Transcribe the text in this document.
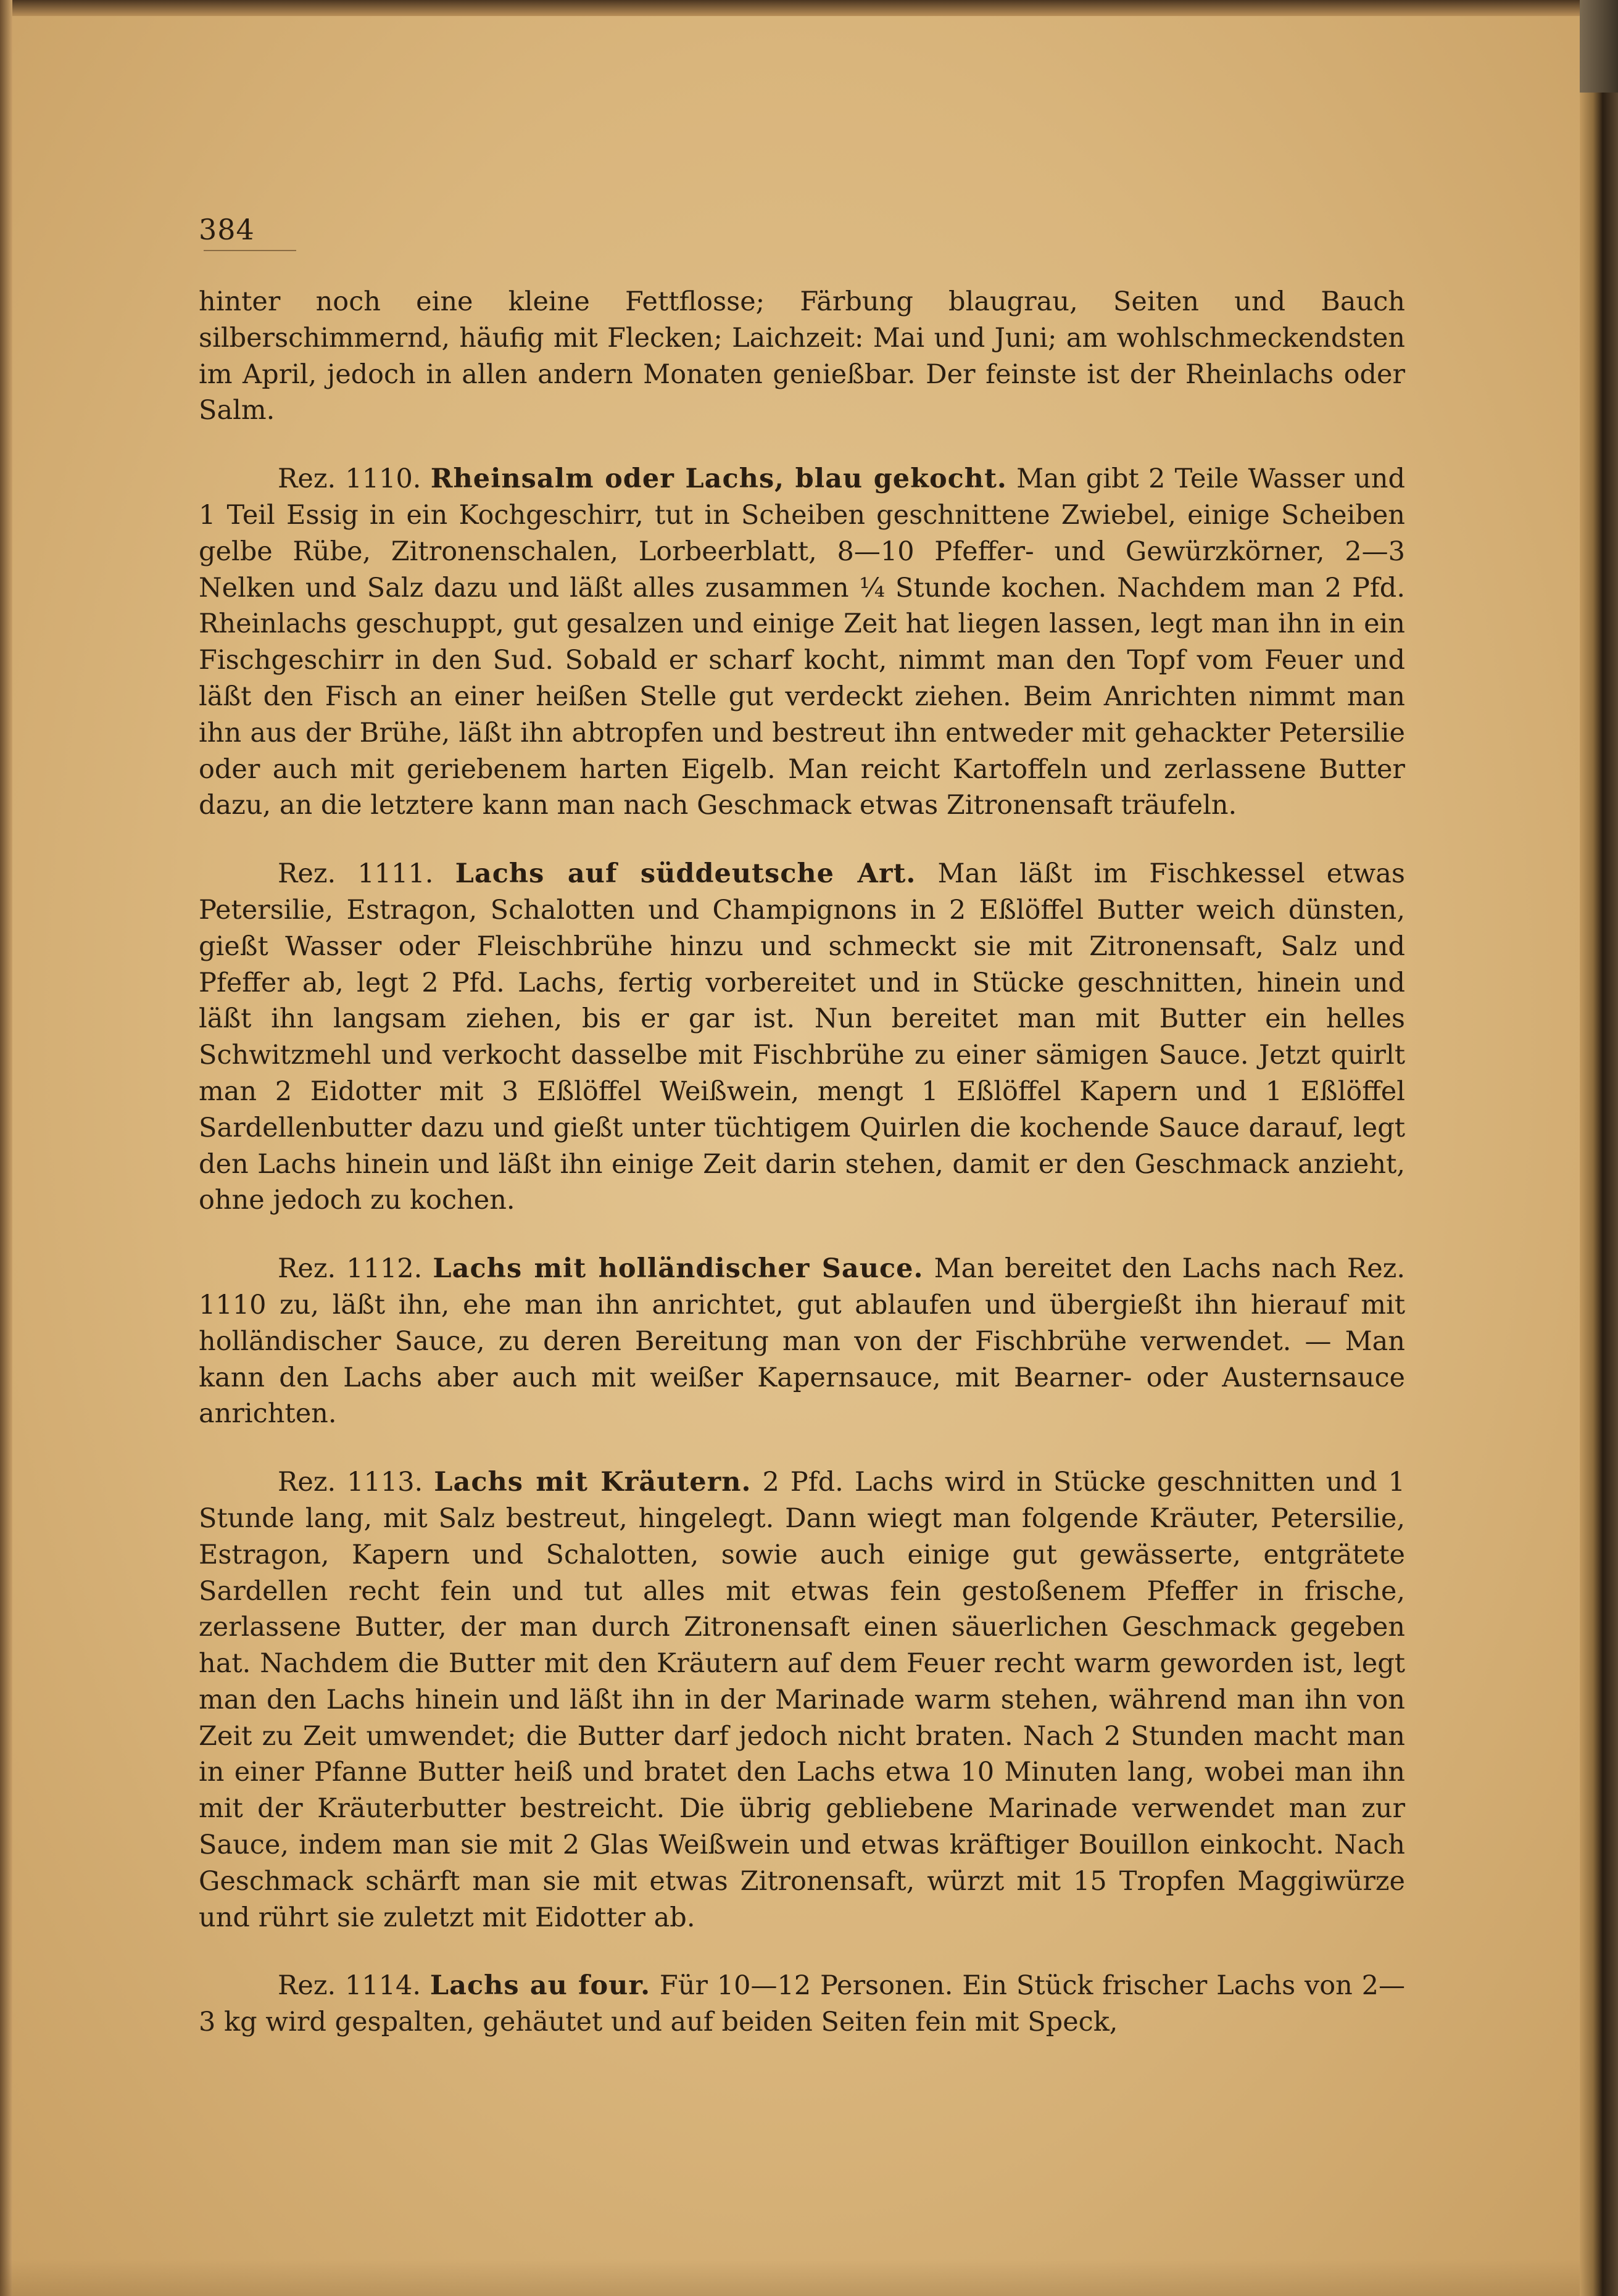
384

hinter noch eine kleine Fettflosse; Färbung blaugrau, Seiten und Bauch silberschimmernd, häufig mit Flecken; Laichzeit: Mai und Juni; am wohlschmeckendsten im April, jedoch in allen andern Monaten genießbar. Der feinste ist der Rheinlachs oder Salm.

Rez. 1110. Rheinsalm oder Lachs, blau gekocht. Man gibt 2 Teile Wasser und 1 Teil Essig in ein Kochgeschirr, tut in Scheiben geschnittene Zwiebel, einige Scheiben gelbe Rübe, Zitronenschalen, Lorbeerblatt, 8—10 Pfeffer- und Gewürzkörner, 2—3 Nelken und Salz dazu und läßt alles zusammen ¼ Stunde kochen. Nachdem man 2 Pfd. Rheinlachs geschuppt, gut gesalzen und einige Zeit hat liegen lassen, legt man ihn in ein Fischgeschirr in den Sud. Sobald er scharf kocht, nimmt man den Topf vom Feuer und läßt den Fisch an einer heißen Stelle gut verdeckt ziehen. Beim Anrichten nimmt man ihn aus der Brühe, läßt ihn abtropfen und bestreut ihn entweder mit gehackter Petersilie oder auch mit geriebenem harten Eigelb. Man reicht Kartoffeln und zerlassene Butter dazu, an die letztere kann man nach Geschmack etwas Zitronensaft träufeln.

Rez. 1111. Lachs auf süddeutsche Art. Man läßt im Fischkessel etwas Petersilie, Estragon, Schalotten und Champignons in 2 Eßlöffel Butter weich dünsten, gießt Wasser oder Fleischbrühe hinzu und schmeckt sie mit Zitronensaft, Salz und Pfeffer ab, legt 2 Pfd. Lachs, fertig vorbereitet und in Stücke geschnitten, hinein und läßt ihn langsam ziehen, bis er gar ist. Nun bereitet man mit Butter ein helles Schwitzmehl und verkocht dasselbe mit Fischbrühe zu einer sämigen Sauce. Jetzt quirlt man 2 Eidotter mit 3 Eßlöffel Weißwein, mengt 1 Eßlöffel Kapern und 1 Eßlöffel Sardellenbutter dazu und gießt unter tüchtigem Quirlen die kochende Sauce darauf, legt den Lachs hinein und läßt ihn einige Zeit darin stehen, damit er den Geschmack anzieht, ohne jedoch zu kochen.

Rez. 1112. Lachs mit holländischer Sauce. Man bereitet den Lachs nach Rez. 1110 zu, läßt ihn, ehe man ihn anrichtet, gut ablaufen und übergießt ihn hierauf mit holländischer Sauce, zu deren Bereitung man von der Fischbrühe verwendet. — Man kann den Lachs aber auch mit weißer Kapernsauce, mit Bearner- oder Austernsauce anrichten.

Rez. 1113. Lachs mit Kräutern. 2 Pfd. Lachs wird in Stücke geschnitten und 1 Stunde lang, mit Salz bestreut, hingelegt. Dann wiegt man folgende Kräuter, Petersilie, Estragon, Kapern und Schalotten, sowie auch einige gut gewässerte, entgrätete Sardellen recht fein und tut alles mit etwas fein gestoßenem Pfeffer in frische, zerlassene Butter, der man durch Zitronensaft einen säuerlichen Geschmack gegeben hat. Nachdem die Butter mit den Kräutern auf dem Feuer recht warm geworden ist, legt man den Lachs hinein und läßt ihn in der Marinade warm stehen, während man ihn von Zeit zu Zeit umwendet; die Butter darf jedoch nicht braten. Nach 2 Stunden macht man in einer Pfanne Butter heiß und bratet den Lachs etwa 10 Minuten lang, wobei man ihn mit der Kräuterbutter bestreicht. Die übrig gebliebene Marinade verwendet man zur Sauce, indem man sie mit 2 Glas Weißwein und etwas kräftiger Bouillon einkocht. Nach Geschmack schärft man sie mit etwas Zitronensaft, würzt mit 15 Tropfen Maggiwürze und rührt sie zuletzt mit Eidotter ab.

Rez. 1114. Lachs au four. Für 10—12 Personen. Ein Stück frischer Lachs von 2—3 kg wird gespalten, gehäutet und auf beiden Seiten fein mit Speck,
